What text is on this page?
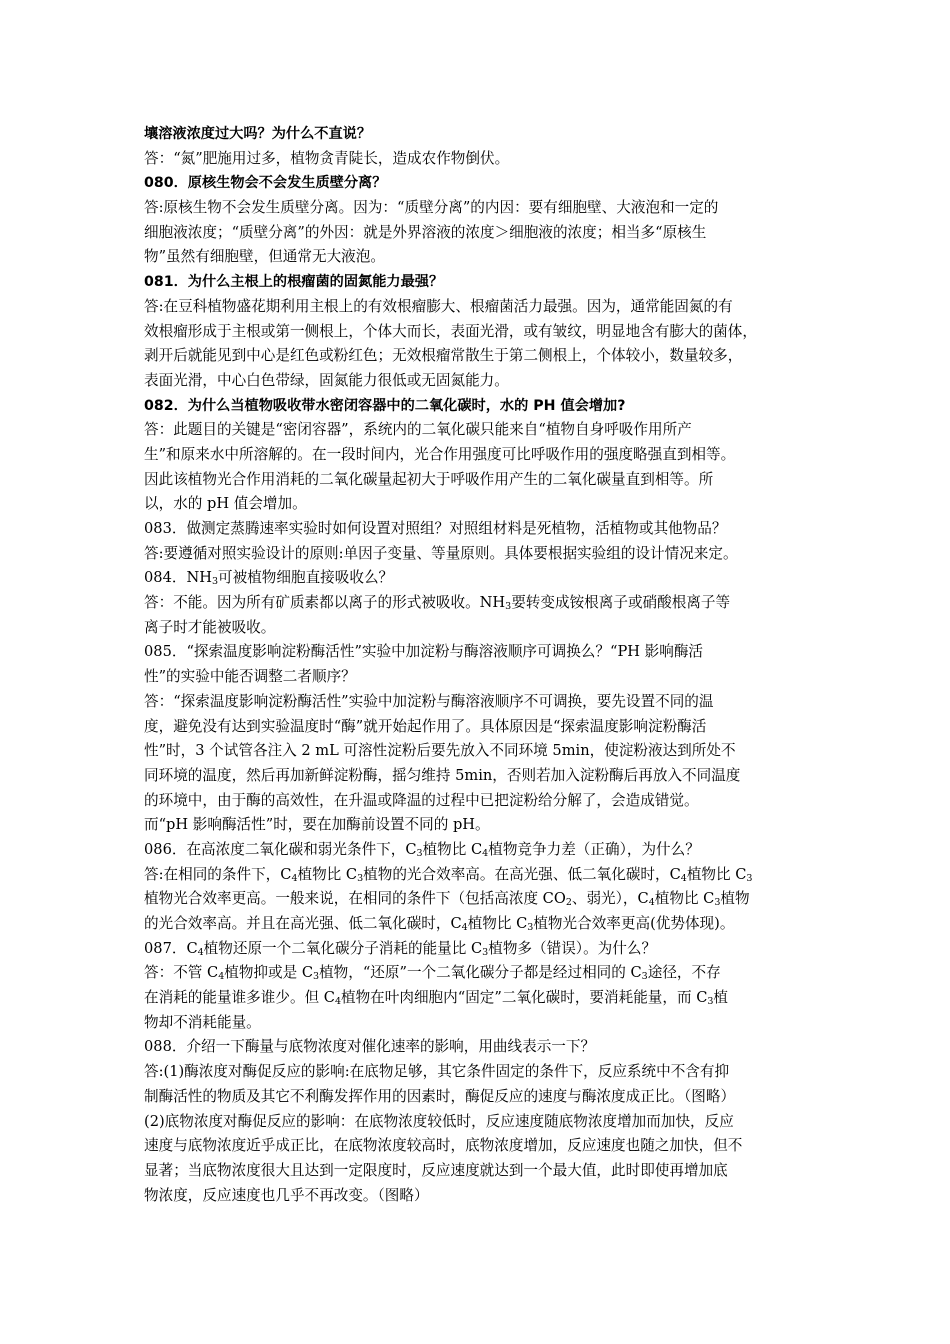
壤溶液浓度过大吗？为什么不直说？
答：“氮”肥施用过多，植物贪青陡长，造成农作物倒伏。
080．原核生物会不会发生质壁分离？
答:原核生物不会发生质壁分离。因为：“质壁分离”的内因：要有细胞壁、大液泡和一定的
细胞液浓度；“质壁分离”的外因：就是外界溶液的浓度＞细胞液的浓度；相当多“原核生
物”虽然有细胞壁，但通常无大液泡。
081．为什么主根上的根瘤菌的固氮能力最强？
答:在豆科植物盛花期利用主根上的有效根瘤膨大、根瘤菌活力最强。因为，通常能固氮的有
效根瘤形成于主根或第一侧根上，个体大而长，表面光滑，或有皱纹，明显地含有膨大的菌体，
剥开后就能见到中心是红色或粉红色；无效根瘤常散生于第二侧根上，个体较小，数量较多，
表面光滑，中心白色带绿，固氮能力很低或无固氮能力。
082．为什么当植物吸收带水密闭容器中的二氧化碳时，水的 PH 值会增加?
答：此题目的关键是“密闭容器”，系统内的二氧化碳只能来自“植物自身呼吸作用所产
生”和原来水中所溶解的。在一段时间内，光合作用强度可比呼吸作用的强度略强直到相等。
因此该植物光合作用消耗的二氧化碳量起初大于呼吸作用产生的二氧化碳量直到相等。所
以，水的 pH 值会增加。
083．做测定蒸腾速率实验时如何设置对照组？对照组材料是死植物，活植物或其他物品？
答:要遵循对照实验设计的原则:单因子变量、等量原则。具体要根据实验组的设计情况来定。
084．$NH_3$可被植物细胞直接吸收么？
答：不能。因为所有矿质素都以离子的形式被吸收。$NH_3$要转变成铵根离子或硝酸根离子等
离子时才能被吸收。
085．“探索温度影响淀粉酶活性”实验中加淀粉与酶溶液顺序可调换么？“PH 影响酶活
性”的实验中能否调整二者顺序？
答：“探索温度影响淀粉酶活性”实验中加淀粉与酶溶液顺序不可调换，要先设置不同的温
度，避免没有达到实验温度时“酶”就开始起作用了。具体原因是“探索温度影响淀粉酶活
性”时，3 个试管各注入 2 mL 可溶性淀粉后要先放入不同环境 5min，使淀粉液达到所处不
同环境的温度，然后再加新鲜淀粉酶，摇匀维持 5min，否则若加入淀粉酶后再放入不同温度
的环境中，由于酶的高效性，在升温或降温的过程中已把淀粉给分解了，会造成错觉。
而“pH 影响酶活性”时，要在加酶前设置不同的 pH。
086．在高浓度二氧化碳和弱光条件下，$C_3$植物比 $C_4$植物竞争力差（正确），为什么？
答:在相同的条件下，$C_4$植物比 $C_3$植物的光合效率高。在高光强、低二氧化碳时，$C_4$植物比 $C_3$
植物光合效率更高。一般来说，在相同的条件下（包括高浓度 $CO_2$、弱光），$C_4$植物比 $C_3$植物
的光合效率高。并且在高光强、低二氧化碳时，$C_4$植物比 $C_3$植物光合效率更高(优势体现)。
087．$C_4$植物还原一个二氧化碳分子消耗的能量比 $C_3$植物多（错误）。为什么？
答：不管 $C_4$植物抑或是 $C_3$植物，“还原”一个二氧化碳分子都是经过相同的 $C_3$途径，不存
在消耗的能量谁多谁少。但 $C_4$植物在叶肉细胞内“固定”二氧化碳时，要消耗能量，而 $C_3$植
物却不消耗能量。
088．介绍一下酶量与底物浓度对催化速率的影响，用曲线表示一下？
答:(1)酶浓度对酶促反应的影响:在底物足够，其它条件固定的条件下，反应系统中不含有抑
制酶活性的物质及其它不利酶发挥作用的因素时，酶促反应的速度与酶浓度成正比。（图略）
(2)底物浓度对酶促反应的影响：在底物浓度较低时，反应速度随底物浓度增加而加快，反应
速度与底物浓度近乎成正比，在底物浓度较高时，底物浓度增加，反应速度也随之加快，但不
显著；当底物浓度很大且达到一定限度时，反应速度就达到一个最大值，此时即使再增加底
物浓度，反应速度也几乎不再改变。（图略）
